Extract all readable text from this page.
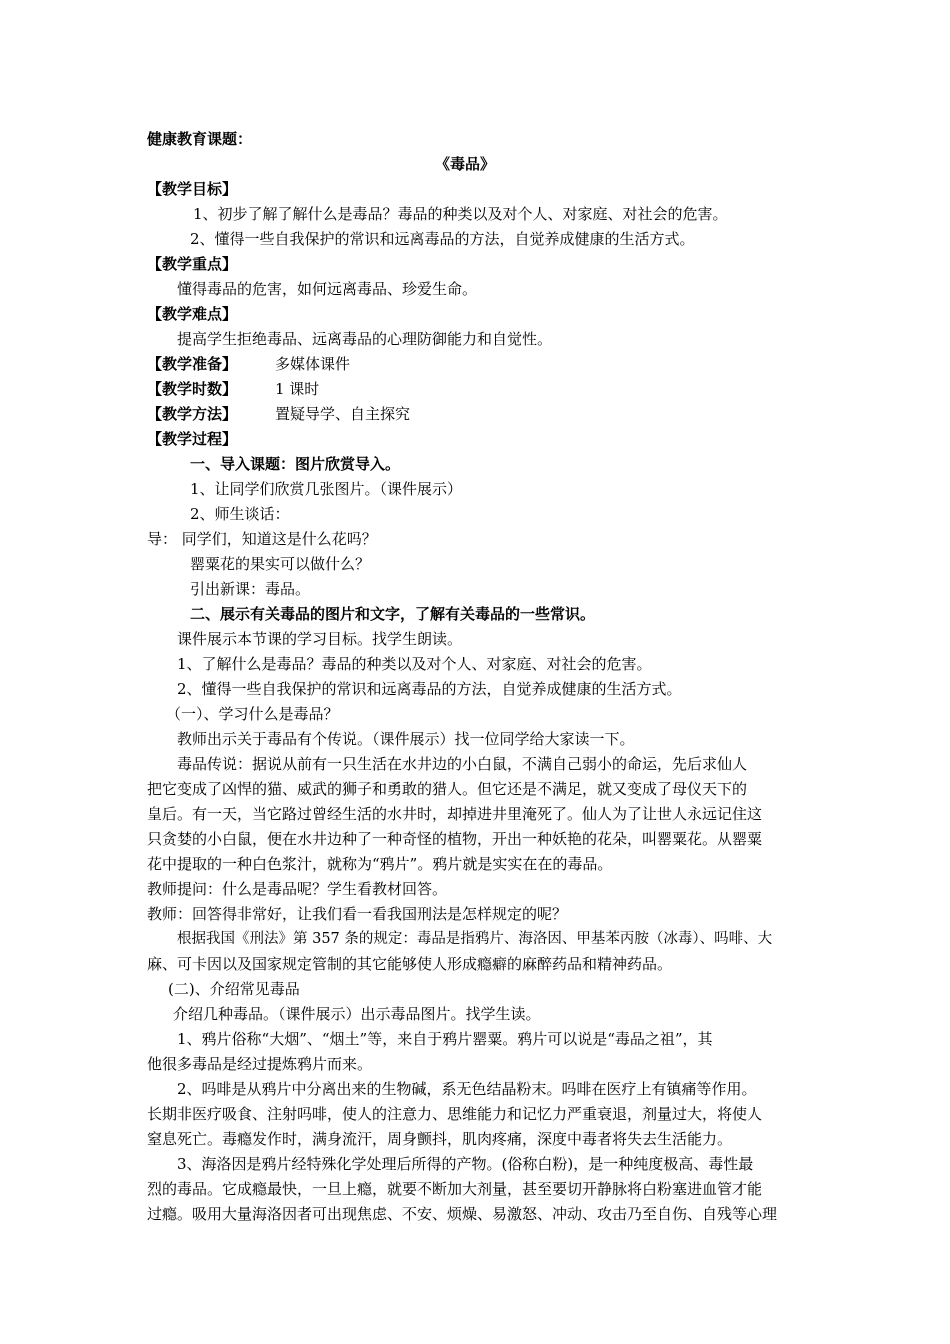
健康教育课题：
《毒品》
【教学目标】
1、初步了解了解什么是毒品？毒品的种类以及对个人、对家庭、对社会的危害。
2、懂得一些自我保护的常识和远离毒品的方法，自觉养成健康的生活方式。
【教学重点】
懂得毒品的危害，如何远离毒品、珍爱生命。
【教学难点】
提高学生拒绝毒品、远离毒品的心理防御能力和自觉性。
【教学准备】	多媒体课件
【教学时数】	1 课时
【教学方法】	置疑导学、自主探究
【教学过程】
一、导入课题：图片欣赏导入。
1、让同学们欣赏几张图片。（课件展示）
2、师生谈话：
导： 同学们，知道这是什么花吗？
罂粟花的果实可以做什么？
引出新课：毒品。
二、展示有关毒品的图片和文字，了解有关毒品的一些常识。
课件展示本节课的学习目标。找学生朗读。
1、了解什么是毒品？毒品的种类以及对个人、对家庭、对社会的危害。
2、懂得一些自我保护的常识和远离毒品的方法，自觉养成健康的生活方式。
（一）、学习什么是毒品？
教师出示关于毒品有个传说。（课件展示）找一位同学给大家读一下。
毒品传说：据说从前有一只生活在水井边的小白鼠，不满自己弱小的命运，先后求仙人
把它变成了凶悍的猫、威武的狮子和勇敢的猎人。但它还是不满足，就又变成了母仪天下的
皇后。有一天，当它路过曾经生活的水井时，却掉进井里淹死了。仙人为了让世人永远记住这
只贪婪的小白鼠，便在水井边种了一种奇怪的植物，开出一种妖艳的花朵，叫罂粟花。从罂粟
花中提取的一种白色浆汁，就称为“鸦片”。鸦片就是实实在在的毒品。
教师提问：什么是毒品呢？学生看教材回答。
教师：回答得非常好，让我们看一看我国刑法是怎样规定的呢？
根据我国《刑法》第 357 条的规定：毒品是指鸦片、海洛因、甲基苯丙胺（冰毒）、吗啡、大
麻、可卡因以及国家规定管制的其它能够使人形成瘾癖的麻醉药品和精神药品。
(二)、介绍常见毒品
介绍几种毒品。（课件展示）出示毒品图片。找学生读。
1、鸦片俗称“大烟”、“烟土”等，来自于鸦片罂粟。鸦片可以说是“毒品之祖”，其
他很多毒品是经过提炼鸦片而来。
2、吗啡是从鸦片中分离出来的生物碱，系无色结晶粉末。吗啡在医疗上有镇痛等作用。
长期非医疗吸食、注射吗啡，使人的注意力、思维能力和记忆力严重衰退，剂量过大，将使人
窒息死亡。毒瘾发作时，满身流汗，周身颤抖，肌肉疼痛，深度中毒者将失去生活能力。
3、海洛因是鸦片经特殊化学处理后所得的产物。(俗称白粉)，是一种纯度极高、毒性最
烈的毒品。它成瘾最快，一旦上瘾，就要不断加大剂量，甚至要切开静脉将白粉塞进血管才能
过瘾。吸用大量海洛因者可出现焦虑、不安、烦燥、易激怒、冲动、攻击乃至自伤、自残等心理
